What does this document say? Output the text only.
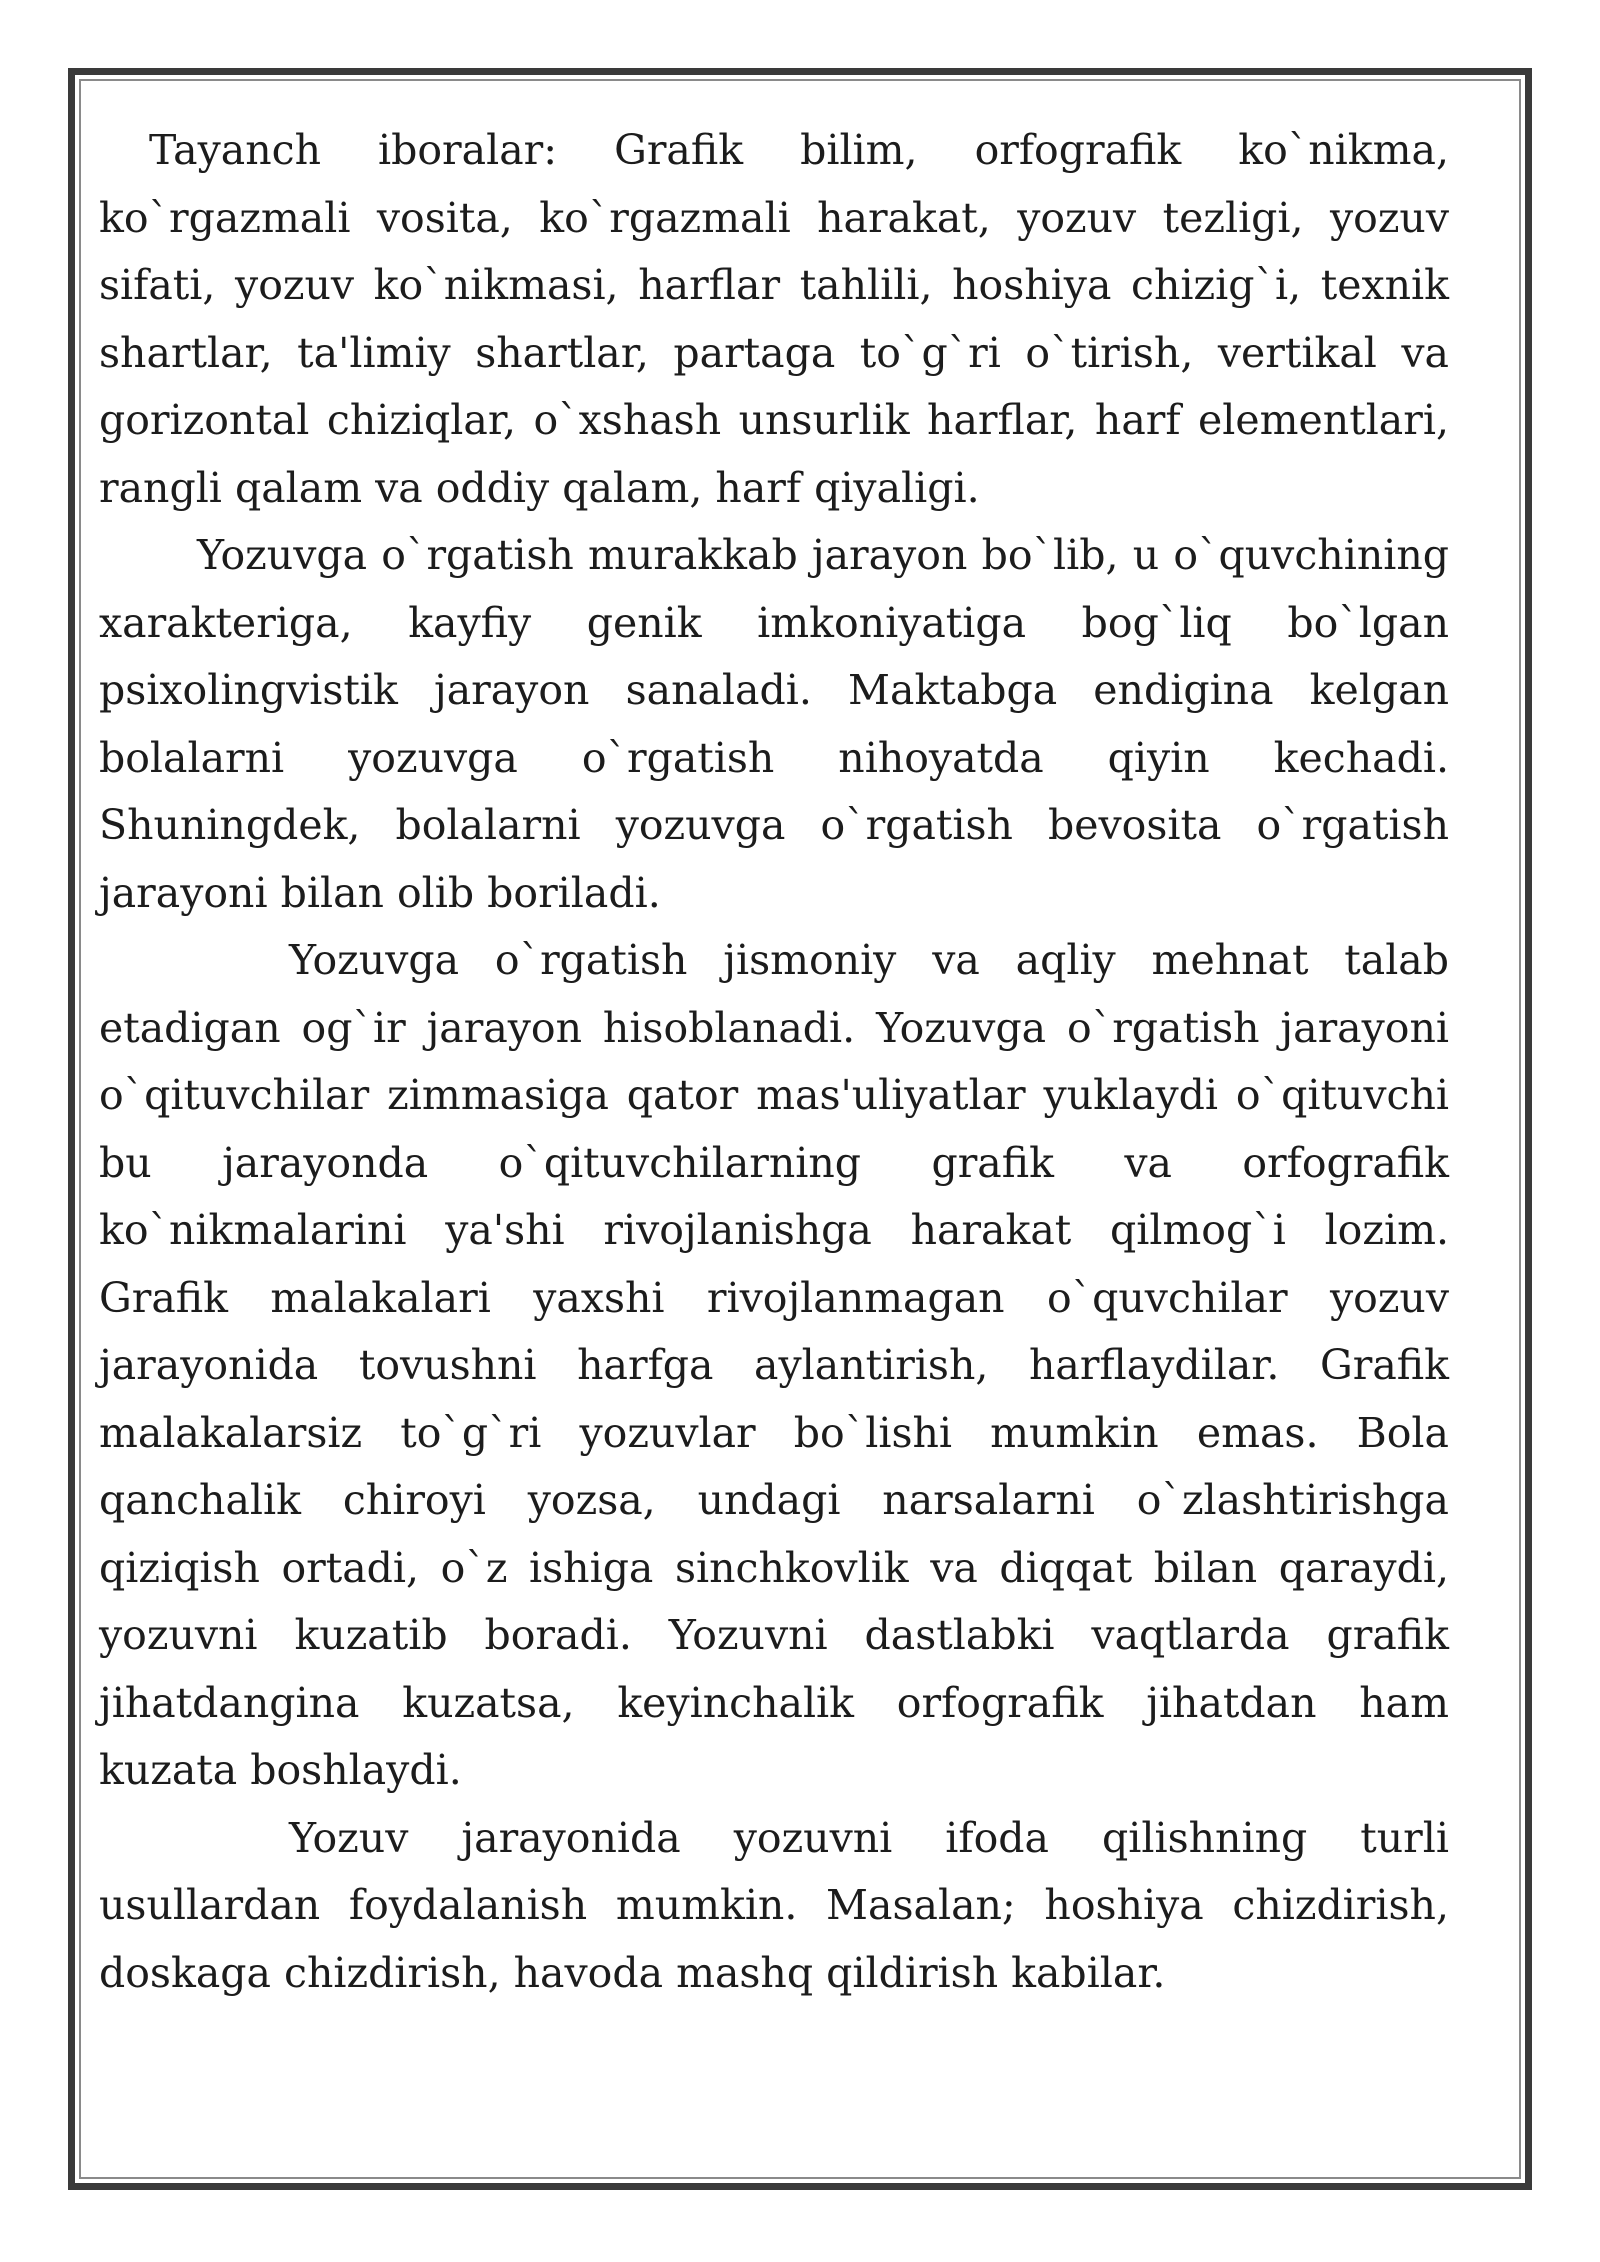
Tayanch iboralar: Grafik bilim, orfografik ko`nikma, ko`rgazmali vosita, ko`rgazmali harakat, yozuv tezligi, yozuv sifati, yozuv ko`nikmasi, harflar tahlili, hoshiya chizig`i, texnik shartlar, ta'limiy shartlar, partaga to`g`ri o`tirish, vertikal va gorizontal chiziqlar, o`xshash unsurlik harflar, harf elementlari, rangli qalam va oddiy qalam, harf qiyaligi.

Yozuvga o`rgatish murakkab jarayon bo`lib, u o`quvchining xarakteriga, kayfiy genik imkoniyatiga bog`liq bo`lgan psixolingvistik jarayon sanaladi. Maktabga endigina kelgan bolalarni yozuvga o`rgatish nihoyatda qiyin kechadi. Shuningdek, bolalarni yozuvga o`rgatish bevosita o`rgatish jarayoni bilan olib boriladi.

Yozuvga o`rgatish jismoniy va aqliy mehnat talab etadigan og`ir jarayon hisoblanadi. Yozuvga o`rgatish jarayoni o`qituvchilar zimmasiga qator mas'uliyatlar yuklaydi o`qituvchi bu jarayonda o`qituvchilarning grafik va orfografik ko`nikmalarini ya'shi rivojlanishga harakat qilmog`i lozim. Grafik malakalari yaxshi rivojlanmagan o`quvchilar yozuv jarayonida tovushni harfga aylantirish, harflaydilar. Grafik malakalarsiz to`g`ri yozuvlar bo`lishi mumkin emas. Bola qanchalik chiroyi yozsa, undagi narsalarni o`zlashtirishga qiziqish ortadi, o`z ishiga sinchkovlik va diqqat bilan qaraydi, yozuvni kuzatib boradi. Yozuvni dastlabki vaqtlarda grafik jihatdangina kuzatsa, keyinchalik orfografik jihatdan ham kuzata boshlaydi.

Yozuv jarayonida yozuvni ifoda qilishning turli usullardan foydalanish mumkin. Masalan; hoshiya chizdirish, doskaga chizdirish, havoda mashq qildirish kabilar.
